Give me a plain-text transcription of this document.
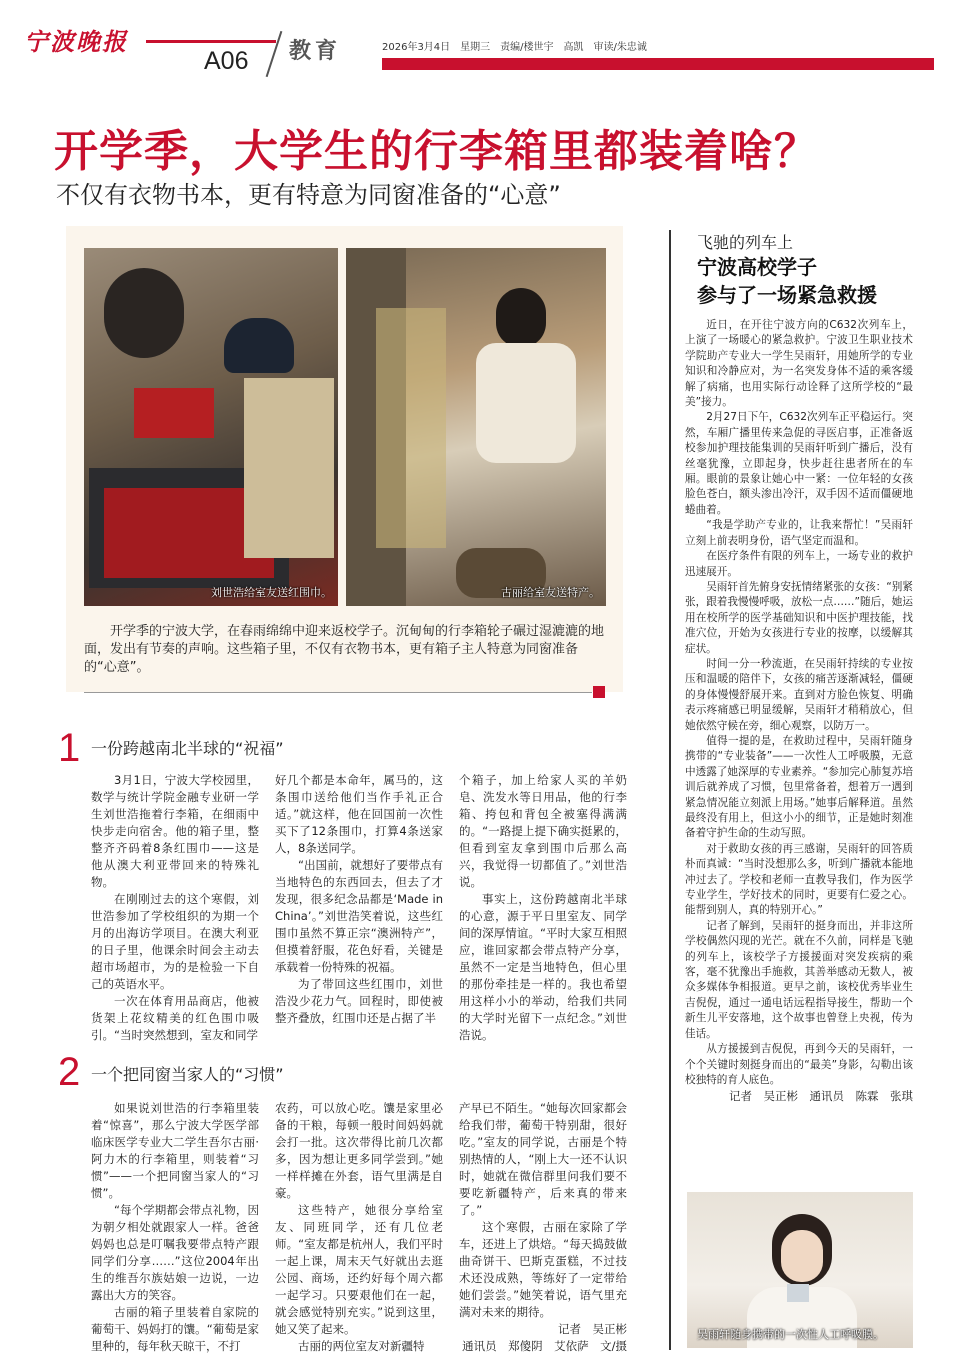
宁波晚报
A06 教育	2026年3月4日　星期三　责编/楼世宇　高凯　审读/朱忠诚
开学季，大学生的行李箱里都装着啥？
不仅有衣物书本，更有特意为同窗准备的“心意”
刘世浩给室友送红围巾。	古丽给室友送特产。
开学季的宁波大学，在春雨绵绵中迎来返校学子。沉甸甸的行李箱轮子碾过湿漉漉的地面，发出有节奏的声响。这些箱子里，不仅有衣物书本，更有箱子主人特意为同窗准备的“心意”。
1 一份跨越南北半球的“祝福”

3月1日，宁波大学校园里，数学与统计学院金融专业研一学生刘世浩拖着行李箱，在细雨中快步走向宿舍。他的箱子里，整整齐齐码着8条红围巾——这是他从澳大利亚带回来的特殊礼物。

在刚刚过去的这个寒假，刘世浩参加了学校组织的为期一个月的出海访学项目。在澳大利亚的日子里，他课余时间会主动去超市场超市，为的是检验一下自己的英语水平。

一次在体育用品商店，他被货架上花纹精美的红色围巾吸引。“当时突然想到，室友和同学

好几个都是本命年，属马的，这条围巾送给他们当作手礼正合适。”就这样，他在回国前一次性买下了12条围巾，打算4条送家人，8条送同学。

“出国前，就想好了要带点有当地特色的东西回去，但去了才发现，很多纪念品都是‘Made in China’。”刘世浩笑着说，这些红围巾虽然不算正宗“澳洲特产”，但摸着舒服，花色好看，关键是承载着一份特殊的祝福。

为了带回这些红围巾，刘世浩没少花力气。回程时，即使被整齐叠放，红围巾还是占据了半

个箱子，加上给家人买的羊奶皂、洗发水等日用品，他的行李箱、挎包和背包全被塞得满满的。“一路提上提下确实挺累的，但看到室友拿到围巾后那么高兴，我觉得一切都值了。”刘世浩说。

事实上，这份跨越南北半球的心意，源于平日里室友、同学间的深厚情谊。“平时大家互相照应，谁回家都会带点特产分享，虽然不一定是当地特色，但心里的那份牵挂是一样的。我也希望用这样小小的举动，给我们共同的大学时光留下一点纪念。”刘世浩说。

2 一个把同窗当家人的“习惯”

如果说刘世浩的行李箱里装着“惊喜”，那么宁波大学医学部临床医学专业大二学生吾尔古丽·阿力木的行李箱里，则装着“习惯”——一个把同窗当家人的“习惯”。

“每个学期都会带点礼物，因为朝夕相处就跟家人一样。爸爸妈妈也总是叮嘱我要带点特产跟同学们分享……”这位2004年出生的维吾尔族姑娘一边说，一边露出大方的笑容。

古丽的箱子里装着自家院的葡萄干、妈妈打的馕。“葡萄是家里种的，每年秋天晾干，不打

农药，可以放心吃。馕是家里必备的干粮，每顿一般时间妈妈就会打一批。这次带得比前几次都多，因为想让更多同学尝到。”她一样样摊在外套，语气里满是自豪。

这些特产，她很分享给室友、同班同学，还有几位老师。“室友都是杭州人，我们平时一起上课，周末天气好就出去逛公园、商场，还约好每个周六都一起学习。只要艰他们在一起，就会感觉特别充实。”说到这里，她又笑了起来。

古丽的两位室友对新疆特

产早已不陌生。“她每次回家都会给我们带，葡萄干特别甜，很好吃。”室友的同学说，古丽是个特别热情的人，“刚上大一还不认识时，她就在微信群里问我们要不要吃新疆特产，后来真的带来了。”

这个寒假，古丽在家除了学车，还进上了烘焙。“每天捣鼓做曲奇饼干、巴斯克蛋糕，不过技术还没成熟，等练好了一定带给她们尝尝。”她笑着说，语气里充满对未来的期待。

记者　吴正彬
通讯员　郑傻阴　艾依萨　文/摄
飞驰的列车上
宁波高校学子
参与了一场紧急救援

近日，在开往宁波方向的C632次列车上，上演了一场暖心的紧急救护。宁波卫生职业技术学院助产专业大一学生吴雨轩，用她所学的专业知识和冷静应对，为一名突发身体不适的乘客缓解了病痛，也用实际行动诠释了这所学校的“最美”接力。

2月27日下午，C632次列车正平稳运行。突然，车厢广播里传来急促的寻医启事，正准备返校参加护理技能集训的吴雨轩听到广播后，没有丝毫犹豫，立即起身，快步赶往患者所在的车厢。眼前的景象让她心中一紧：一位年轻的女孩脸色苍白，额头渗出冷汗，双手因不适而僵硬地蜷曲着。

“我是学助产专业的，让我来帮忙！”吴雨轩立刻上前表明身份，语气坚定而温和。

在医疗条件有限的列车上，一场专业的救护迅速展开。

吴雨轩首先俯身安抚情绪紧张的女孩：“别紧张，跟着我慢慢呼吸，放松一点……”随后，她运用在校所学的医学基础知识和中医护理技能，找准穴位，开始为女孩进行专业的按摩，以缓解其症状。

时间一分一秒流逝，在吴雨轩持续的专业按压和温暖的陪伴下，女孩的痛苦逐渐减轻，僵硬的身体慢慢舒展开来。直到对方脸色恢复、明确表示疼痛感已明显缓解，吴雨轩才稍稍放心，但她依然守候在旁，细心观察，以防万一。

值得一提的是，在救助过程中，吴雨轩随身携带的“专业装备”——一次性人工呼吸膜，无意中透露了她深厚的专业素养。“参加完心肺复苏培训后就养成了习惯，包里常备着，想着万一遇到紧急情况能立刻派上用场。”她事后解释道。虽然最终没有用上，但这小小的细节，正是她时刻准备着守护生命的生动写照。

对于救助女孩的再三感谢，吴雨轩的回答质朴而真诚：“当时没想那么多，听到广播就本能地冲过去了。学校和老师一直教导我们，作为医学专业学生，学好技术的同时，更要有仁爱之心。能帮到别人，真的特别开心。”

记者了解到，吴雨轩的挺身而出，并非这所学校偶然闪现的光芒。就在不久前，同样是飞驰的列车上，该校学子方援援面对突发疾病的乘客，毫不犹豫出手施救，其善举感动无数人，被众多媒体争相报道。更早之前，该校优秀毕业生吉倪倪，通过一通电话远程指导接生，帮助一个新生儿平安落地，这个故事也曾登上央视，传为佳话。

从方援援到吉倪倪，再到今天的吴雨轩，一个个关键时刻挺身而出的“最美”身影，勾勒出该校独特的育人底色。

记者　吴正彬　通讯员　陈霖　张琪
吴雨轩随身携带的一次性人工呼吸膜。
